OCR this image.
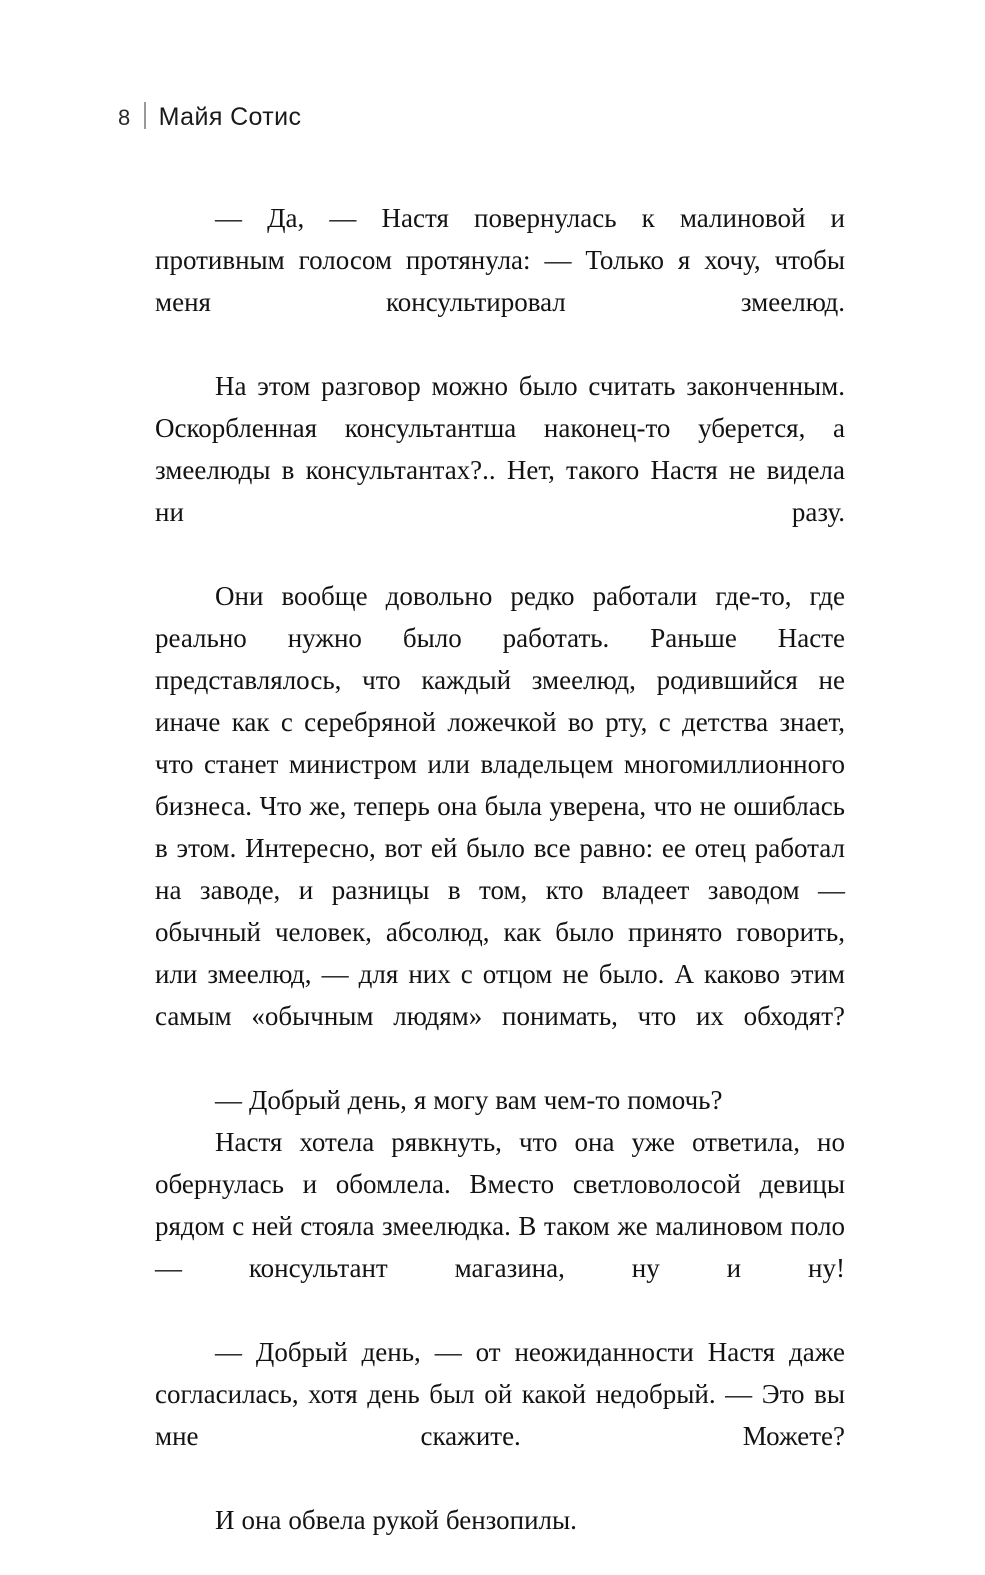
8 Майя Сотис

— Да, — Настя повернулась к малиновой и противным голосом протянула: — Только я хочу, чтобы меня консультировал змеелюд.

На этом разговор можно было считать законченным. Оскорбленная консультантша наконец-то уберется, а змеелюды в консультантах?.. Нет, такого Настя не видела ни разу.

Они вообще довольно редко работали где-то, где реально нужно было работать. Раньше Насте представлялось, что каждый змеелюд, родившийся не иначе как с серебряной ложечкой во рту, с детства знает, что станет министром или владельцем многомиллионного бизнеса. Что же, теперь она была уверена, что не ошиблась в этом. Интересно, вот ей было все равно: ее отец работал на заводе, и разницы в том, кто владеет заводом — обычный человек, абсолюд, как было принято говорить, или змеелюд, — для них с отцом не было. А каково этим самым «обычным людям» понимать, что их обходят?

— Добрый день, я могу вам чем-то помочь?

Настя хотела рявкнуть, что она уже ответила, но обернулась и обомлела. Вместо светловолосой девицы рядом с ней стояла змеелюдка. В таком же малиновом поло — консультант магазина, ну и ну!

— Добрый день, — от неожиданности Настя даже согласилась, хотя день был ой какой недобрый. — Это вы мне скажите. Можете?

И она обвела рукой бензопилы.
